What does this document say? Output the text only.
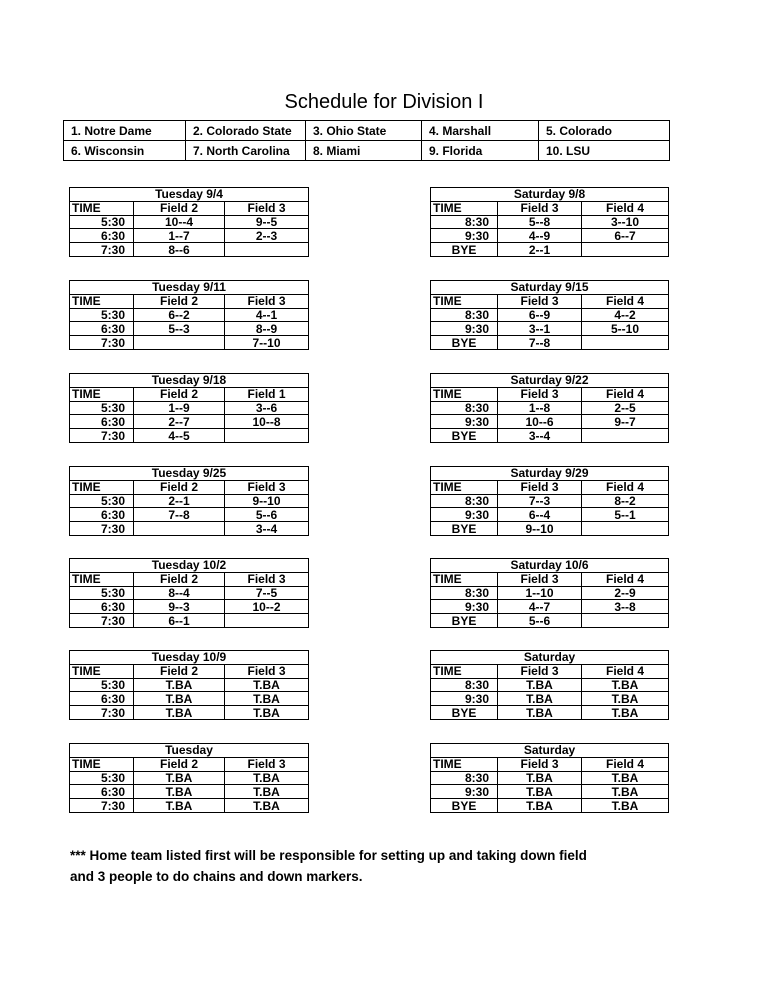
Schedule for Division I
1. Notre Dame	2. Colorado State	3. Ohio State	4. Marshall	5. Colorado
6. Wisconsin	7. North Carolina	8. Miami	9. Florida	10. LSU
Tuesday 9/4		
TIME	Field 2	Field 3
5:30	10--4	9--5
6:30	1--7	2--3
7:30	8--6	
Tuesday 9/11		
TIME	Field 2	Field 3
5:30	6--2	4--1
6:30	5--3	8--9
7:30		7--10
Tuesday 9/18		
TIME	Field 2	Field 1
5:30	1--9	3--6
6:30	2--7	10--8
7:30	4--5	
Tuesday 9/25		
TIME	Field 2	Field 3
5:30	2--1	9--10
6:30	7--8	5--6
7:30		3--4
Tuesday 10/2		
TIME	Field 2	Field 3
5:30	8--4	7--5
6:30	9--3	10--2
7:30	6--1	
Tuesday 10/9		
TIME	Field 2	Field 3
5:30	T.BA	T.BA
6:30	T.BA	T.BA
7:30	T.BA	T.BA
Tuesday		
TIME	Field 2	Field 3
5:30	T.BA	T.BA
6:30	T.BA	T.BA
7:30	T.BA	T.BA
Saturday 9/8		
TIME	Field 3	Field 4
8:30	5--8	3--10
9:30	4--9	6--7
BYE	2--1	
Saturday 9/15		
TIME	Field 3	Field 4
8:30	6--9	4--2
9:30	3--1	5--10
BYE	7--8	
Saturday 9/22		
TIME	Field 3	Field 4
8:30	1--8	2--5
9:30	10--6	9--7
BYE	3--4	
Saturday 9/29		
TIME	Field 3	Field 4
8:30	7--3	8--2
9:30	6--4	5--1
BYE	9--10	
Saturday 10/6		
TIME	Field 3	Field 4
8:30	1--10	2--9
9:30	4--7	3--8
BYE	5--6	
Saturday		
TIME	Field 3	Field 4
8:30	T.BA	T.BA
9:30	T.BA	T.BA
BYE	T.BA	T.BA
Saturday		
TIME	Field 3	Field 4
8:30	T.BA	T.BA
9:30	T.BA	T.BA
BYE	T.BA	T.BA
*** Home team listed first will be responsible for setting up and taking down field
and 3 people to do chains and down markers.
